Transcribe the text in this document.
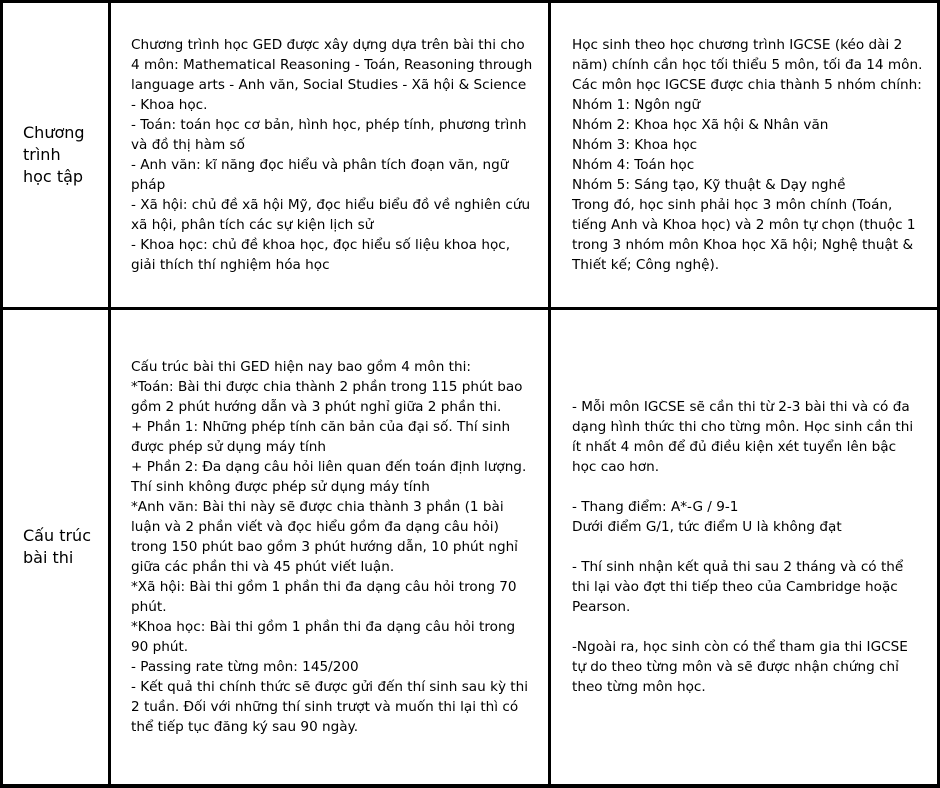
Chương
trình
học tập

Chương trình học GED được xây dựng dựa trên bài thi cho 4 môn: Mathematical Reasoning - Toán, Reasoning through language arts - Anh văn, Social Studies - Xã hội & Science - Khoa học.

- Toán: toán học cơ bản, hình học, phép tính, phương trình và đồ thị hàm số

- Anh văn: kĩ năng đọc hiểu và phân tích đoạn văn, ngữ pháp

- Xã hội: chủ đề xã hội Mỹ, đọc hiểu biểu đồ về nghiên cứu xã hội, phân tích các sự kiện lịch sử

- Khoa học: chủ đề khoa học, đọc hiểu số liệu khoa học, giải thích thí nghiệm hóa học

Học sinh theo học chương trình IGCSE (kéo dài 2 năm) chính cần học tối thiểu 5 môn, tối đa 14 môn. Các môn học IGCSE được chia thành 5 nhóm chính:

Nhóm 1: Ngôn ngữ

Nhóm 2: Khoa học Xã hội & Nhân văn

Nhóm 3: Khoa học

Nhóm 4: Toán học

Nhóm 5: Sáng tạo, Kỹ thuật & Dạy nghề

Trong đó, học sinh phải học 3 môn chính (Toán, tiếng Anh và Khoa học) và 2 môn tự chọn (thuộc 1 trong 3 nhóm môn Khoa học Xã hội; Nghệ thuật & Thiết kế; Công nghệ).

Cấu trúc
bài thi

Cấu trúc bài thi GED hiện nay bao gồm 4 môn thi:

*Toán: Bài thi được chia thành 2 phần trong 115 phút bao gồm 2 phút hướng dẫn và 3 phút nghỉ giữa 2 phần thi.

+ Phần 1: Những phép tính căn bản của đại số. Thí sinh được phép sử dụng máy tính

+ Phần 2: Đa dạng câu hỏi liên quan đến toán định lượng. Thí sinh không được phép sử dụng máy tính

*Anh văn: Bài thi này sẽ được chia thành 3 phần (1 bài luận và 2 phần viết và đọc hiểu gồm đa dạng câu hỏi) trong 150 phút bao gồm 3 phút hướng dẫn, 10 phút nghỉ giữa các phần thi và 45 phút viết luận.

*Xã hội: Bài thi gồm 1 phần thi đa dạng câu hỏi trong 70 phút.

*Khoa học: Bài thi gồm 1 phần thi đa dạng câu hỏi trong 90 phút.

- Passing rate từng môn: 145/200

- Kết quả thi chính thức sẽ được gửi đến thí sinh sau kỳ thi 2 tuần. Đối với những thí sinh trượt và muốn thi lại thì có thể tiếp tục đăng ký sau 90 ngày.

- Mỗi môn IGCSE sẽ cần thi từ 2-3 bài thi và có đa dạng hình thức thi cho từng môn. Học sinh cần thi ít nhất 4 môn để đủ điều kiện xét tuyển lên bậc học cao hơn.

- Thang điểm: A*-G / 9-1

Dưới điểm G/1, tức điểm U là không đạt

- Thí sinh nhận kết quả thi sau 2 tháng và có thể thi lại vào đợt thi tiếp theo của Cambridge hoặc Pearson.

-Ngoài ra, học sinh còn có thể tham gia thi IGCSE tự do theo từng môn và sẽ được nhận chứng chỉ theo từng môn học.
